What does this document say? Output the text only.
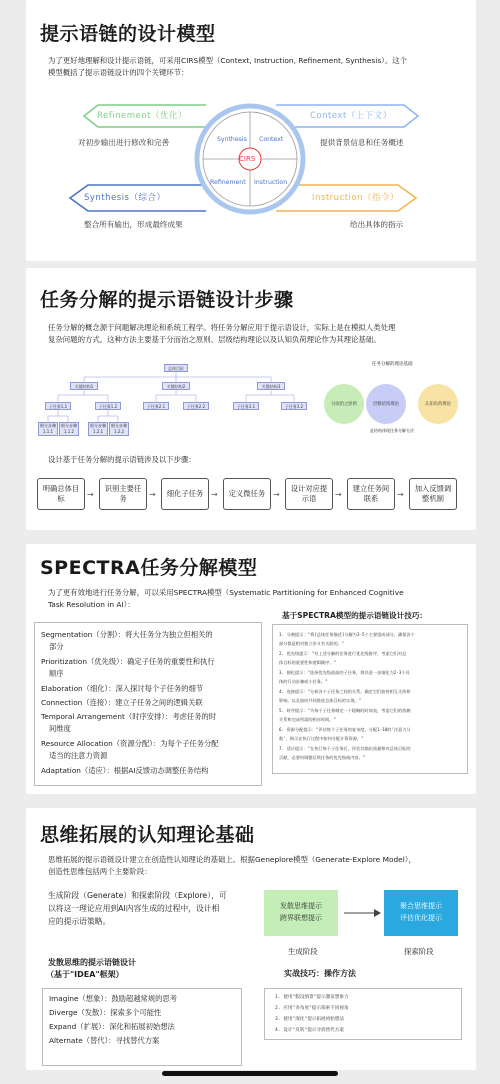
提示语链的设计模型
为了更好地理解和设计提示语链，可采用CIRS模型（Context, Instruction, Refinement, Synthesis）。这个
模型概括了提示语链设计的四个关键环节：
Refinement（优化）
对初步输出进行修改和完善
Context（上下文）
提供背景信息和任务概述
Synthesis（综合）
整合所有输出，形成最终成果
Instruction（指令）
给出具体的指示
Synthesis Context
Refinement Instruction
CIRS
任务分解的提示语链设计步骤
任务分解的概念源于问题解决理论和系统工程学。将任务分解应用于提示语设计，实际上是在模拟人类处理
复杂问题的方式。这种方法主要基于分而治之原则、层级结构理论以及认知负荷理论作为其理论基础。
总体目标
关键结构1	关键结构2	关键结构3
子任务1.1	子任务1.2	子任务2.1	子任务2.2	子任务3.1	子任务3.2
细分步骤1.1.1
细分步骤1.1.2
细分步骤1.2.1
细分步骤1.2.2
任务分解的理论基础
分而治之原则	层级结构理论	认知负荷理论
此结构体现任务分解方法
设计基于任务分解的提示语链涉及以下步骤：
明确总体目标	→
识别主要任务	→	细化子任务 →	定义微任务 →
设计对应提示语	→
建立任务间联系	→
加入反馈调整机制
SPECTRA任务分解模型
为了更有效地进行任务分解，可以采用SPECTRA模型（Systematic Partitioning for Enhanced Cognitive
Task Resolution in AI）：
Segmentation（分割）：将大任务分为独立但相关的
部分
Prioritization（优先级）：确定子任务的重要性和执行
顺序
Elaboration（细化）：深入探讨每个子任务的细节
Connection（连接）：建立子任务之间的逻辑关联
Temporal Arrangement（时序安排）：考虑任务的时
间维度
Resource Allocation（资源分配）：为每个子任务分配
适当的注意力资源
Adaptation（适应）：根据AI反馈动态调整任务结构
基于SPECTRA模型的提示语链设计技巧：
1. 分割提示："将[总体任务描述]分解为3-5个主要组成部分，确保各个
部分都是相对独立但又有关联的。"
2. 优先级提示："对上述分解的任务进行优先级排序，考虑它们对总
体目标的重要性和逻辑顺序。"
3. 细化提示："选择优先级最高的子任务，将其进一步细化为2-3个具
体的行动步骤或小任务。"
4. 连接提示："分析各个子任务之间的关系，确定它们如何相互支持和
影响，以及如何共同推进总体目标的实现。"
5. 时序提示："为每个子任务制定一个粗略的时间表，考虑它们的依赖
关系和完成所需的相对时间。"
6. 资源分配提示："评估每个子任务的复杂度，分配1-10的'注意力分
数'，指示在执行过程中如何分配计算资源。"
7. 适应提示："在执行每个子任务后，评估其输出质量和对总体目标的
贡献，必要时调整后续任务的优先级或内容。"
思维拓展的认知理论基础
思维拓展的提示语链设计建立在创造性认知理论的基础上。根据Geneplore模型（Generate-Explore Model），
创造性思维包括两个主要阶段：
生成阶段（Generate）和探索阶段（Explore），可
以将这一理论应用到AI内容生成的过程中，设计相
应的提示语策略。
发散思维提示
跨界联想提示
聚合思维提示
评估优化提示
生成阶段	探索阶段
发散思维的提示语链设计
（基于"IDEA"框架）
Imagine（想象）：鼓励超越常规的思考
Diverge（发散）：探索多个可能性
Expand（扩展）：深化和拓展初始想法
Alternate（替代）：寻找替代方案
实战技巧：操作方法
1. 使用"假设情景"提示激发想象力
2. 应用"多角度"提示探索不同视角
3. 使用"深化"提示拓展初始想法
4. 设计"反转"提示寻找替代方案
